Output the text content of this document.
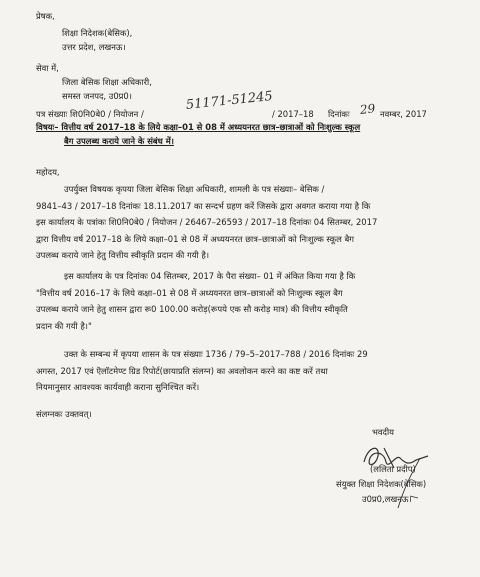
प्रेषक,
शिक्षा निदेशक(बेसिक),
उत्तर प्रदेश, लखनऊ।
सेवा में,
जिला बेसिक शिक्षा अधिकारी,
समस्त जनपद, उ0प्र0।
पत्र संख्याः शि0नि0बे0 / नियोजन /
51171-51245
/ 2017–18 दिनांकः 29 नवम्बर, 2017
विषयः– वित्तीय वर्ष 2017–18 के लिये कक्षा–01 से 08 में अध्ययनरत छात्र–छात्राओं को निःशुल्क स्कूल
बैग उपलब्ध कराये जाने के संबंध में।
महोदय,
उपर्युक्त विषयक कृपया जिला बेसिक शिक्षा अधिकारी, शामली के पत्र संख्याः– बेसिक /
9841–43 / 2017–18 दिनांकः 18.11.2017 का सन्दर्भ ग्रहण करें जिसके द्वारा अवगत कराया गया है कि
इस कार्यालय के पत्रांकः शि0नि0बे0 / नियोजन / 26467–26593 / 2017–18 दिनांकः 04 सितम्बर, 2017
द्वारा वित्तीय वर्ष 2017–18 के लिये कक्षा–01 से 08 में अध्ययनरत छात्र–छात्राओं को निःशुल्क स्कूल बैग
उपलब्ध कराये जाने हेतु वित्तीय स्वीकृति प्रदान की गयी है।
इस कार्यालय के पत्र दिनांकः 04 सितम्बर, 2017 के पैरा संख्या– 01 में अंकित किया गया है कि
"वित्तीय वर्ष 2016–17 के लिये कक्षा–01 से 08 में अध्ययनरत छात्र–छात्राओं को निःशुल्क स्कूल बैग
उपलब्ध कराये जाने हेतु शासन द्वारा रू0 100.00 करोड़(रूपये एक सौ करोड़ मात्र) की वित्तीय स्वीकृति
प्रदान की गयी है।"
उक्त के सम्बन्ध में कृपया शासन के पत्र संख्याः 1736 / 79–5–2017–788 / 2016 दिनांकः 29
अगस्त, 2017 एवं ऎलॉटमेण्ट ग्रिड रिपोर्ट(छायाप्रति संलग्न) का अवलोकन करने का कष्ट करें तथा
नियमानुसार आवश्यक कार्यवाही कराना सुनिश्चित करें।
संलग्नकः उक्तवत्।
भवदीय
(ललिता प्रदीप)
संयुक्त शिक्षा निदेशक(बेसिक)
उ0प्र0,लखनऊ।
